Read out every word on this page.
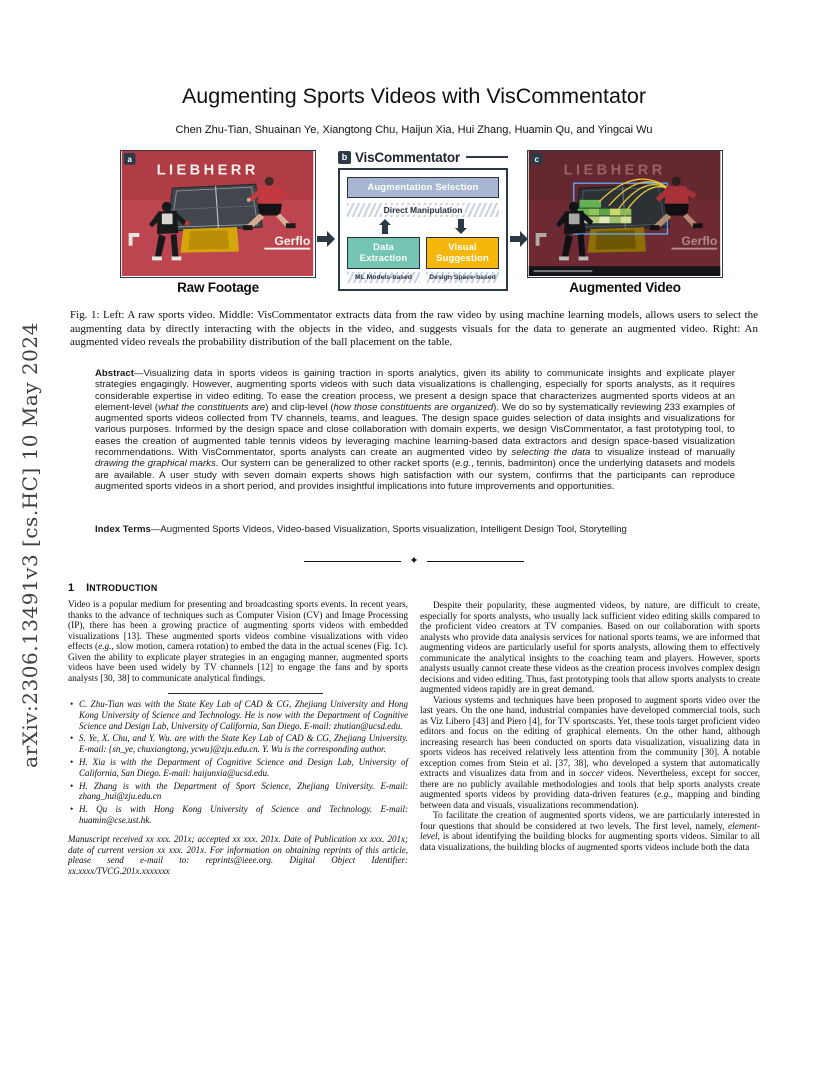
arXiv:2306.13491v3 [cs.HC] 10 May 2024
Augmenting Sports Videos with VisCommentator
Chen Zhu-Tian, Shuainan Ye, Xiangtong Chu, Haijun Xia, Hui Zhang, Huamin Qu, and Yingcai Wu
LIEBHERR
Gerflo
a
Raw Footage
b VisCommentator
Augmentation Selection
Direct Manipulation
Data Extraction
Visual Suggestion
ML Models-based	Design Space-based
LIEBHERR
Gerflo
c
Augmented Video
Fig. 1: Left: A raw sports video. Middle: VisCommentator extracts data from the raw video by using machine learning models, allows users to select the augmenting data by directly interacting with the objects in the video, and suggests visuals for the data to generate an augmented video. Right: An augmented video reveals the probability distribution of the ball placement on the table.
Abstract—Visualizing data in sports videos is gaining traction in sports analytics, given its ability to communicate insights and explicate player strategies engagingly. However, augmenting sports videos with such data visualizations is challenging, especially for sports analysts, as it requires considerable expertise in video editing. To ease the creation process, we present a design space that characterizes augmented sports videos at an element-level (what the constituents are) and clip-level (how those constituents are organized). We do so by systematically reviewing 233 examples of augmented sports videos collected from TV channels, teams, and leagues. The design space guides selection of data insights and visualizations for various purposes. Informed by the design space and close collaboration with domain experts, we design VisCommentator, a fast prototyping tool, to eases the creation of augmented table tennis videos by leveraging machine learning-based data extractors and design space-based visualization recommendations. With VisCommentator, sports analysts can create an augmented video by selecting the data to visualize instead of manually drawing the graphical marks. Our system can be generalized to other racket sports (e.g., tennis, badminton) once the underlying datasets and models are available. A user study with seven domain experts shows high satisfaction with our system, confirms that the participants can reproduce augmented sports videos in a short period, and provides insightful implications into future improvements and opportunities.
Index Terms—Augmented Sports Videos, Video-based Visualization, Sports visualization, Intelligent Design Tool, Storytelling
✦
1 INTRODUCTION

Video is a popular medium for presenting and broadcasting sports events. In recent years, thanks to the advance of techniques such as Computer Vision (CV) and Image Processing (IP), there has been a growing practice of augmenting sports videos with embedded visualizations [13]. These augmented sports videos combine visualizations with video effects (e.g., slow motion, camera rotation) to embed the data in the actual scenes (Fig. 1c). Given the ability to explicate player strategies in an engaging manner, augmented sports videos have been used widely by TV channels [12] to engage the fans and by sports analysts [30, 38] to communicate analytical findings.

• C. Zhu-Tian was with the State Key Lab of CAD & CG, Zhejiang University and Hong Kong University of Science and Technology. He is now with the Department of Cognitive Science and Design Lab, University of California, San Diego. E-mail: zhutian@ucsd.edu.
• S. Ye, X. Chu, and Y. Wu. are with the State Key Lab of CAD & CG, Zhejiang University. E-mail: {sn_ye, chuxiangtong, ycwu}@zju.edu.cn. Y. Wu is the corresponding author.
• H. Xia is with the Department of Cognitive Science and Design Lab, University of California, San Diego. E-mail: haijunxia@ucsd.edu.
• H. Zhang is with the Department of Sport Science, Zhejiang University. E-mail: zhang_hui@zju.edu.cn
• H. Qu is with Hong Kong University of Science and Technology. E-mail: huamin@cse.ust.hk.
Manuscript received xx xxx. 201x; accepted xx xxx. 201x. Date of Publication xx xxx. 201x; date of current version xx xxx. 201x. For information on obtaining reprints of this article, please send e-mail to: reprints@ieee.org. Digital Object Identifier: xx.xxxx/TVCG.201x.xxxxxxx

Despite their popularity, these augmented videos, by nature, are difficult to create, especially for sports analysts, who usually lack sufficient video editing skills compared to the proficient video creators at TV companies. Based on our collaboration with sports analysts who provide data analysis services for national sports teams, we are informed that augmenting videos are particularly useful for sports analysts, allowing them to effectively communicate the analytical insights to the coaching team and players. However, sports analysts usually cannot create these videos as the creation process involves complex design decisions and video editing. Thus, fast prototyping tools that allow sports analysts to create augmented videos rapidly are in great demand.

Various systems and techniques have been proposed to augment sports video over the last years. On the one hand, industrial companies have developed commercial tools, such as Viz Libero [43] and Piero [4], for TV sportscasts. Yet, these tools target proficient video editors and focus on the editing of graphical elements. On the other hand, although increasing research has been conducted on sports data visualization, visualizing data in sports videos has received relatively less attention from the community [30]. A notable exception comes from Stein et al. [37, 38], who developed a system that automatically extracts and visualizes data from and in soccer videos. Nevertheless, except for soccer, there are no publicly available methodologies and tools that help sports analysts create augmented sports videos by providing data-driven features (e.g., mapping and binding between data and visuals, visualizations recommendation).

To facilitate the creation of augmented sports videos, we are particularly interested in four questions that should be considered at two levels. The first level, namely, element-level, is about identifying the building blocks for augmenting sports videos. Similar to all data visualizations, the building blocks of augmented sports videos include both the data
